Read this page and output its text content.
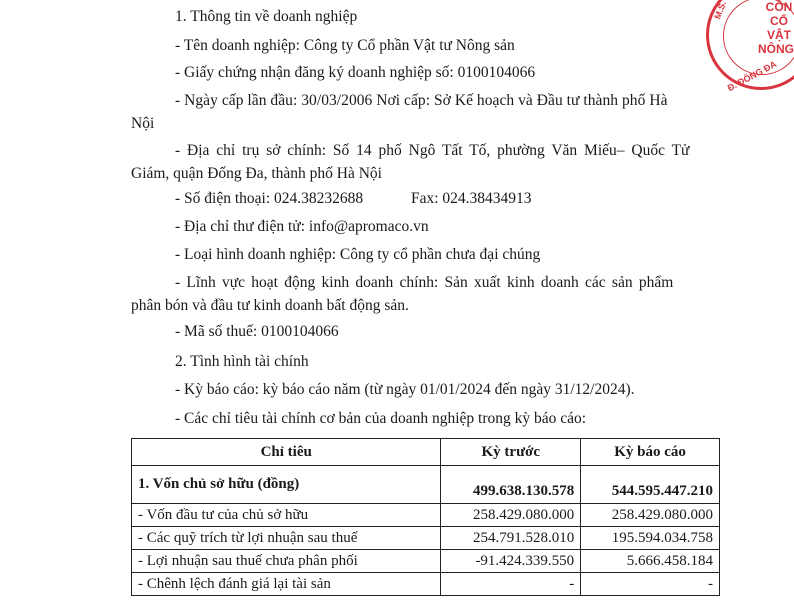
CÔN
CỔ
VẬT
NÔNG
M.S.
Đ. ĐỐNG ĐA
1. Thông tin về doanh nghiệp
- Tên doanh nghiệp: Công ty Cổ phần Vật tư Nông sản
- Giấy chứng nhận đăng ký doanh nghiệp số: 0100104066
- Ngày cấp lần đầu: 30/03/2006 Nơi cấp: Sở Kế hoạch và Đầu tư thành phố Hà
Nội
- Địa chỉ trụ sở chính: Số 14 phố Ngô Tất Tố, phường Văn Miếu– Quốc Tử
Giám, quận Đống Đa, thành phố Hà Nội
- Số điện thoại: 024.38232688	Fax: 024.38434913
- Địa chỉ thư điện tử: info@apromaco.vn
- Loại hình doanh nghiệp: Công ty cổ phần chưa đại chúng
- Lĩnh vực hoạt động kinh doanh chính: Sản xuất kinh doanh các sản phẩm
phân bón và đầu tư kinh doanh bất động sản.
- Mã số thuế: 0100104066
2. Tình hình tài chính
- Kỳ báo cáo: kỳ báo cáo năm (từ ngày 01/01/2024 đến ngày 31/12/2024).
- Các chỉ tiêu tài chính cơ bản của doanh nghiệp trong kỳ báo cáo:
Chỉ tiêu	Kỳ trước	Kỳ báo cáo
1. Vốn chủ sở hữu (đồng)	499.638.130.578	544.595.447.210
- Vốn đầu tư của chủ sở hữu	258.429.080.000	258.429.080.000
- Các quỹ trích từ lợi nhuận sau thuế	254.791.528.010	195.594.034.758
- Lợi nhuận sau thuế chưa phân phối	-91.424.339.550	5.666.458.184
- Chênh lệch đánh giá lại tài sản	-	-
